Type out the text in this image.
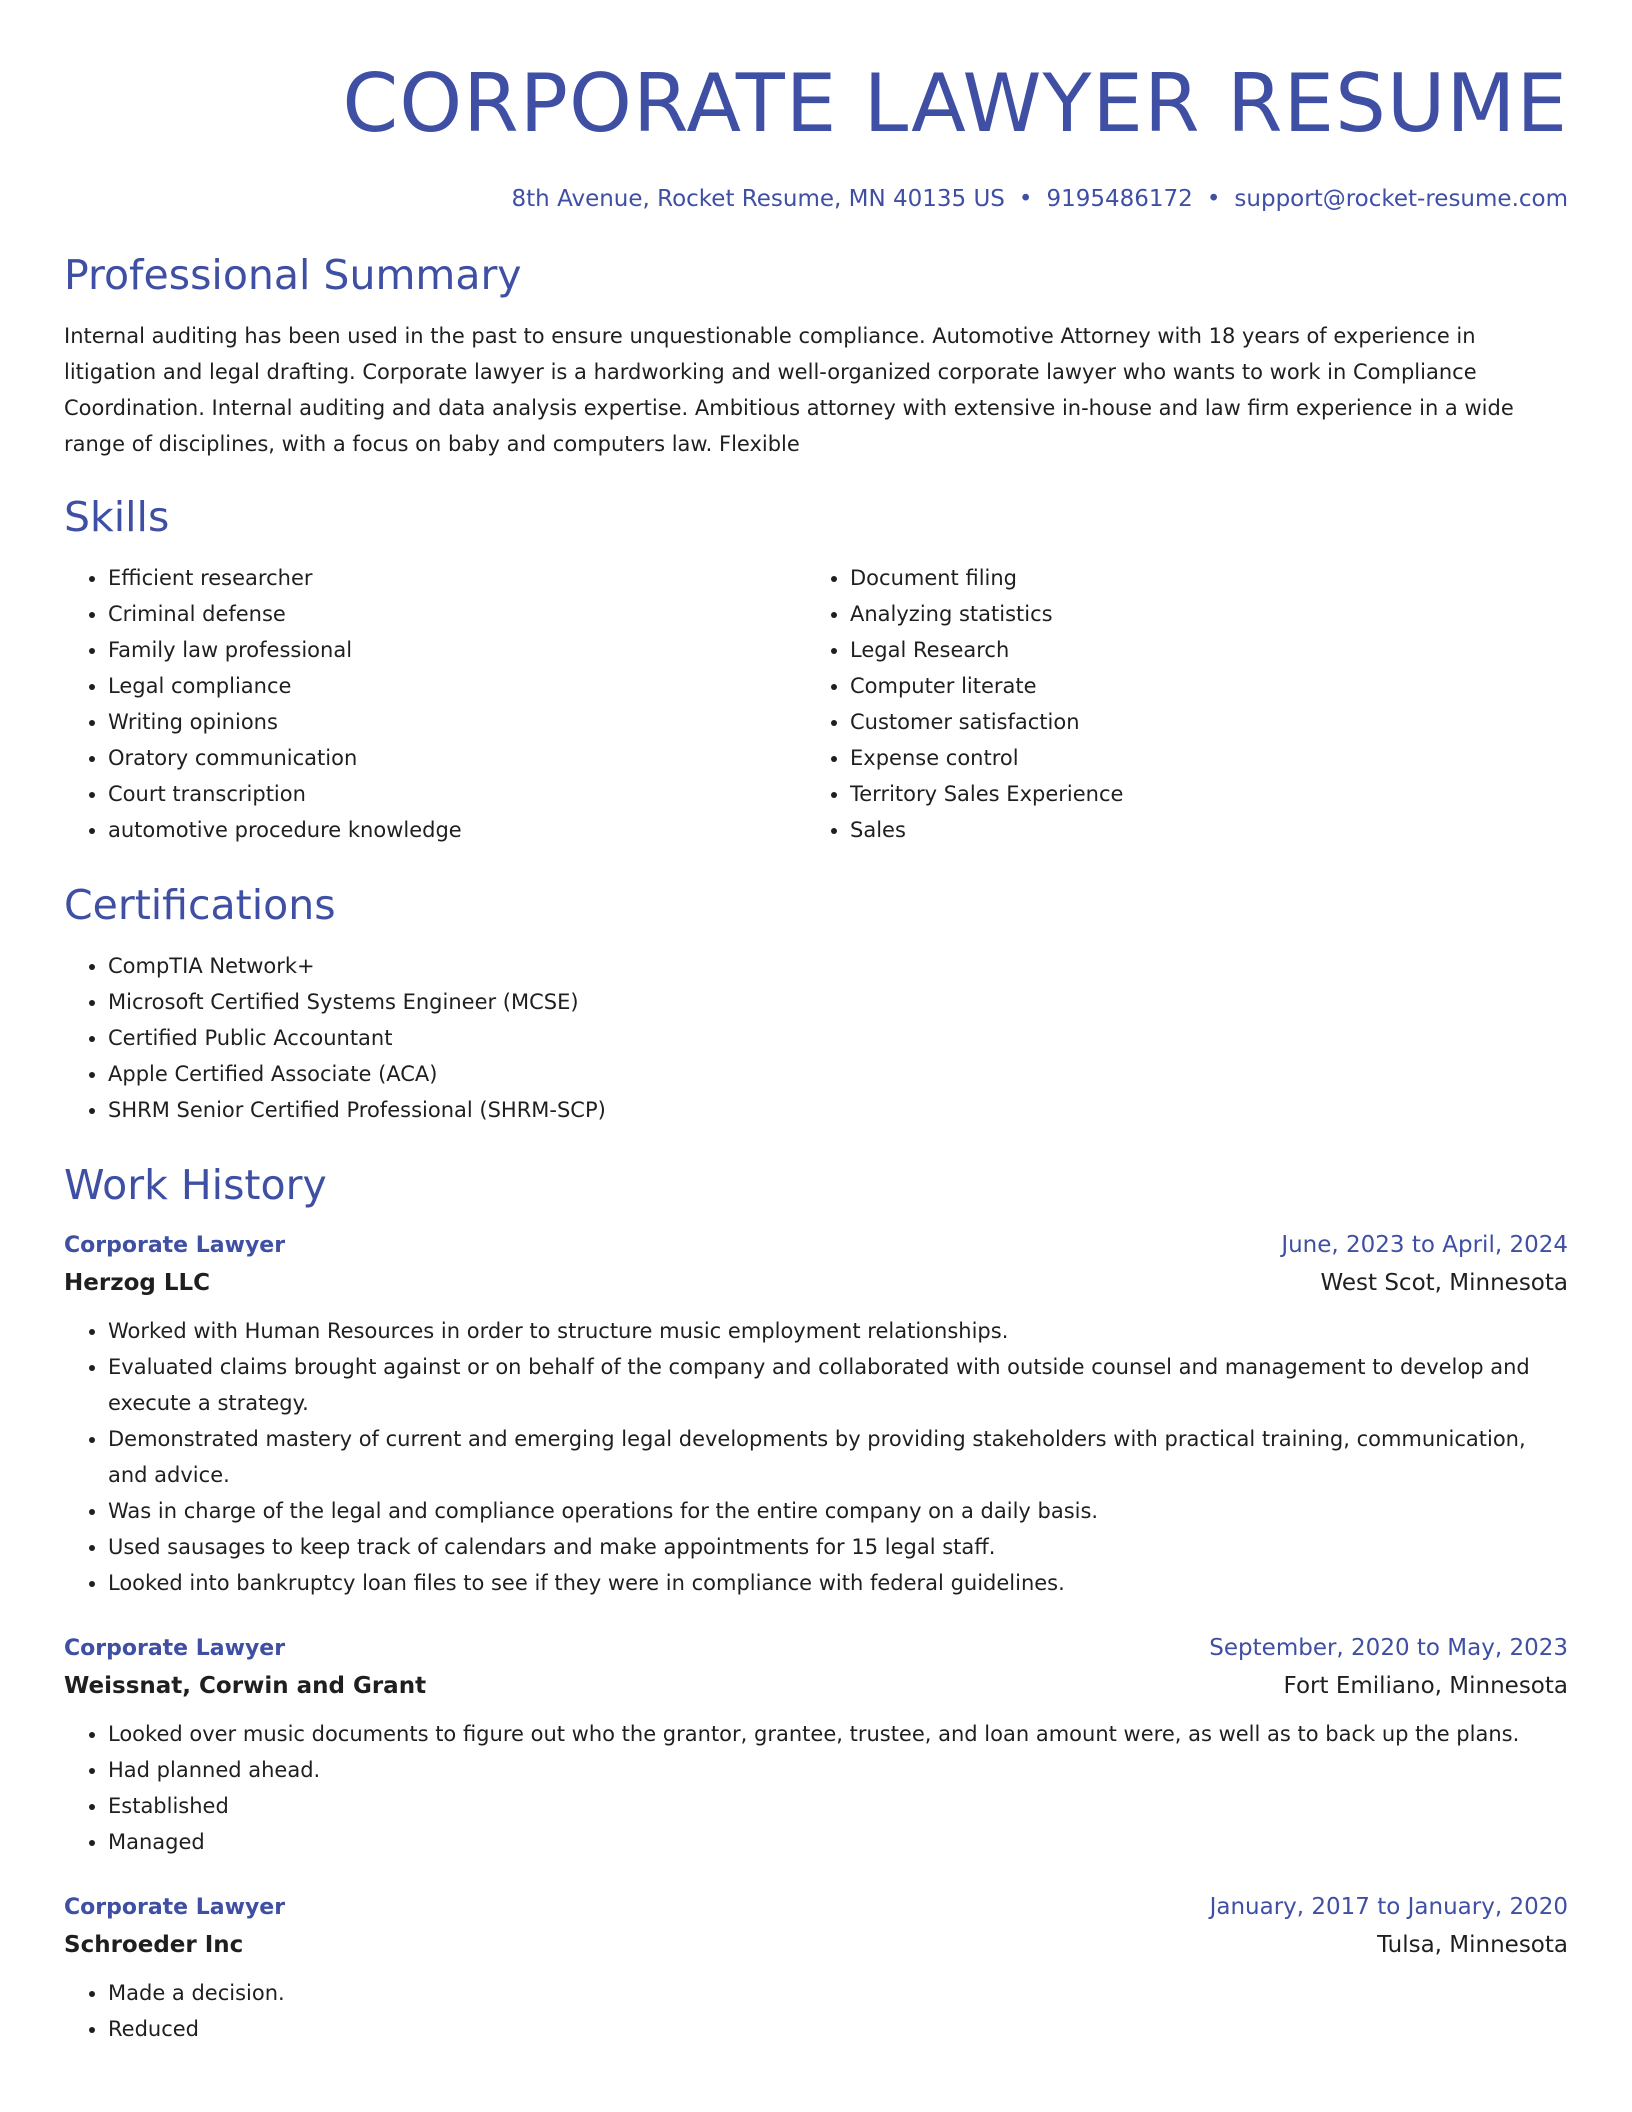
CORPORATE LAWYER RESUME
8th Avenue, Rocket Resume, MN 40135 US • 9195486172 • support@rocket-resume.com
Professional Summary

Internal auditing has been used in the past to ensure unquestionable compliance. Automotive Attorney with 18 years of experience in litigation and legal drafting. Corporate lawyer is a hardworking and well-organized corporate lawyer who wants to work in Compliance Coordination. Internal auditing and data analysis expertise. Ambitious attorney with extensive in-house and law firm experience in a wide range of disciplines, with a focus on baby and computers law. Flexible

Skills
• Efficient researcher
• Criminal defense
• Family law professional
• Legal compliance
• Writing opinions
• Oratory communication
• Court transcription
• automotive procedure knowledge
• Document filing
• Analyzing statistics
• Legal Research
• Computer literate
• Customer satisfaction
• Expense control
• Territory Sales Experience
• Sales
Certifications
• CompTIA Network+
• Microsoft Certified Systems Engineer (MCSE)
• Certified Public Accountant
• Apple Certified Associate (ACA)
• SHRM Senior Certified Professional (SHRM-SCP)
Work History
Corporate Lawyer	June, 2023 to April, 2024
Herzog LLC	West Scot, Minnesota
• Worked with Human Resources in order to structure music employment relationships.
• Evaluated claims brought against or on behalf of the company and collaborated with outside counsel and management to develop and execute a strategy.
• Demonstrated mastery of current and emerging legal developments by providing stakeholders with practical training, communication, and advice.
• Was in charge of the legal and compliance operations for the entire company on a daily basis.
• Used sausages to keep track of calendars and make appointments for 15 legal staff.
• Looked into bankruptcy loan files to see if they were in compliance with federal guidelines.
Corporate Lawyer	September, 2020 to May, 2023
Weissnat, Corwin and Grant	Fort Emiliano, Minnesota
• Looked over music documents to figure out who the grantor, grantee, trustee, and loan amount were, as well as to back up the plans.
• Had planned ahead.
• Established
• Managed
Corporate Lawyer	January, 2017 to January, 2020
Schroeder Inc	Tulsa, Minnesota
• Made a decision.
• Reduced
